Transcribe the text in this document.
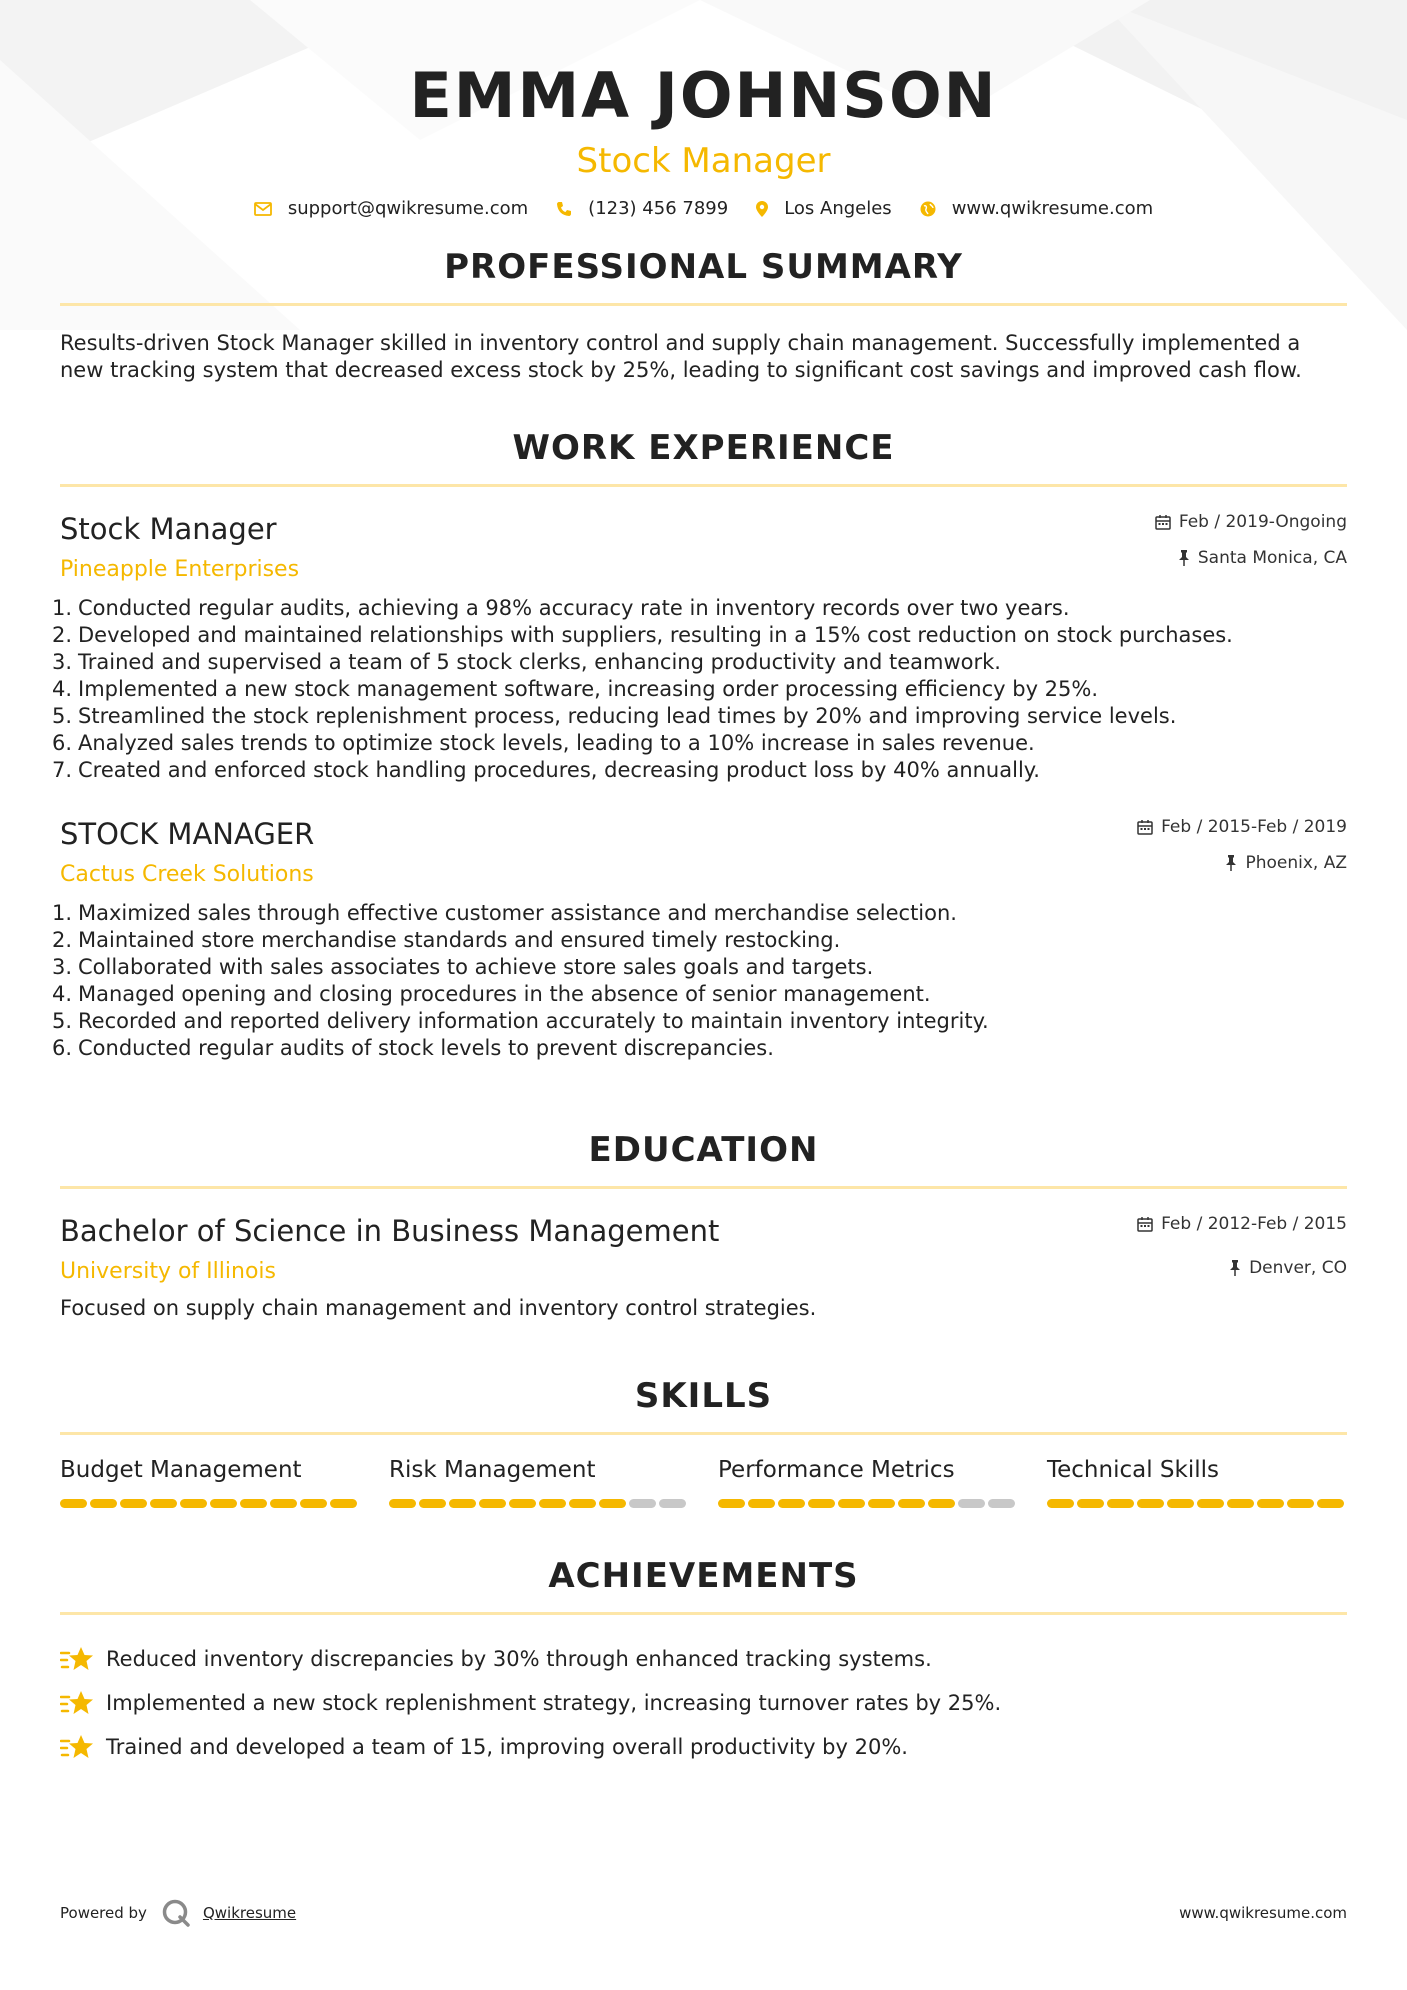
EMMA JOHNSON
Stock Manager
support@qwikresume.com	(123) 456 7899	Los Angeles	www.qwikresume.com
PROFESSIONAL SUMMARY

Results-driven Stock Manager skilled in inventory control and supply chain management. Successfully implemented a new tracking system that decreased excess stock by 25%, leading to significant cost savings and improved cash flow.

WORK EXPERIENCE
Stock Manager
Pineapple Enterprises
Feb / 2019-Ongoing
Santa Monica, CA
1. Conducted regular audits, achieving a 98% accuracy rate in inventory records over two years.
2. Developed and maintained relationships with suppliers, resulting in a 15% cost reduction on stock purchases.
3. Trained and supervised a team of 5 stock clerks, enhancing productivity and teamwork.
4. Implemented a new stock management software, increasing order processing efficiency by 25%.
5. Streamlined the stock replenishment process, reducing lead times by 20% and improving service levels.
6. Analyzed sales trends to optimize stock levels, leading to a 10% increase in sales revenue.
7. Created and enforced stock handling procedures, decreasing product loss by 40% annually.
STOCK MANAGER
Cactus Creek Solutions
Feb / 2015-Feb / 2019
Phoenix, AZ
1. Maximized sales through effective customer assistance and merchandise selection.
2. Maintained store merchandise standards and ensured timely restocking.
3. Collaborated with sales associates to achieve store sales goals and targets.
4. Managed opening and closing procedures in the absence of senior management.
5. Recorded and reported delivery information accurately to maintain inventory integrity.
6. Conducted regular audits of stock levels to prevent discrepancies.
EDUCATION
Bachelor of Science in Business Management
University of Illinois
Feb / 2012-Feb / 2015
Denver, CO

Focused on supply chain management and inventory control strategies.

SKILLS
Budget Management	Risk Management	Performance Metrics	Technical Skills
ACHIEVEMENTS
Reduced inventory discrepancies by 30% through enhanced tracking systems.
Implemented a new stock replenishment strategy, increasing turnover rates by 25%.
Trained and developed a team of 15, improving overall productivity by 20%.
Powered by	Qwikresume	www.qwikresume.com
